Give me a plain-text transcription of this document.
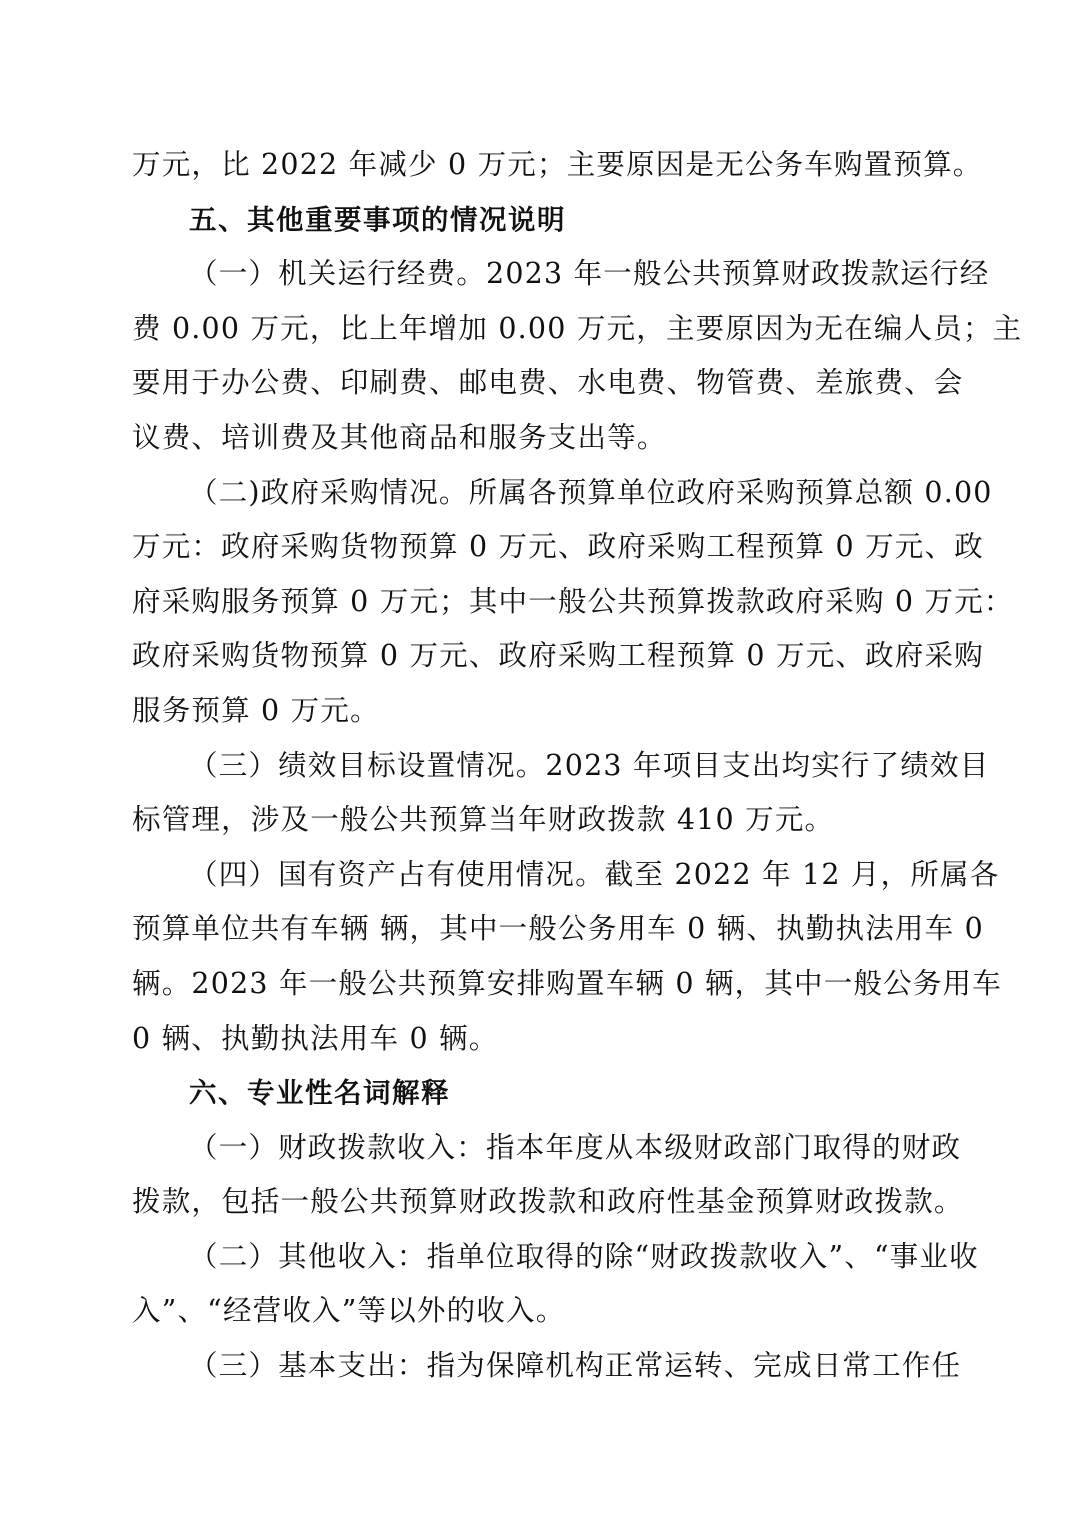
万元，比 2022 年减少 0 万元；主要原因是无公务车购置预算。
五、其他重要事项的情况说明
（一）机关运行经费。2023 年一般公共预算财政拨款运行经
费 0.00 万元，比上年增加 0.00 万元，主要原因为无在编人员；主
要用于办公费、印刷费、邮电费、水电费、物管费、差旅费、会
议费、培训费及其他商品和服务支出等。
（二)政府采购情况。所属各预算单位政府采购预算总额 0.00
万元：政府采购货物预算 0 万元、政府采购工程预算 0 万元、政
府采购服务预算 0 万元；其中一般公共预算拨款政府采购 0 万元：
政府采购货物预算 0 万元、政府采购工程预算 0 万元、政府采购
服务预算 0 万元。
（三）绩效目标设置情况。2023 年项目支出均实行了绩效目
标管理，涉及一般公共预算当年财政拨款 410 万元。
（四）国有资产占有使用情况。截至 2022 年 12 月，所属各
预算单位共有车辆 辆，其中一般公务用车 0 辆、执勤执法用车 0
辆。2023 年一般公共预算安排购置车辆 0 辆，其中一般公务用车
0 辆、执勤执法用车 0 辆。
六、专业性名词解释
（一）财政拨款收入：指本年度从本级财政部门取得的财政
拨款，包括一般公共预算财政拨款和政府性基金预算财政拨款。
（二）其他收入：指单位取得的除“财政拨款收入”、“事业收
入”、“经营收入”等以外的收入。
（三）基本支出：指为保障机构正常运转、完成日常工作任
